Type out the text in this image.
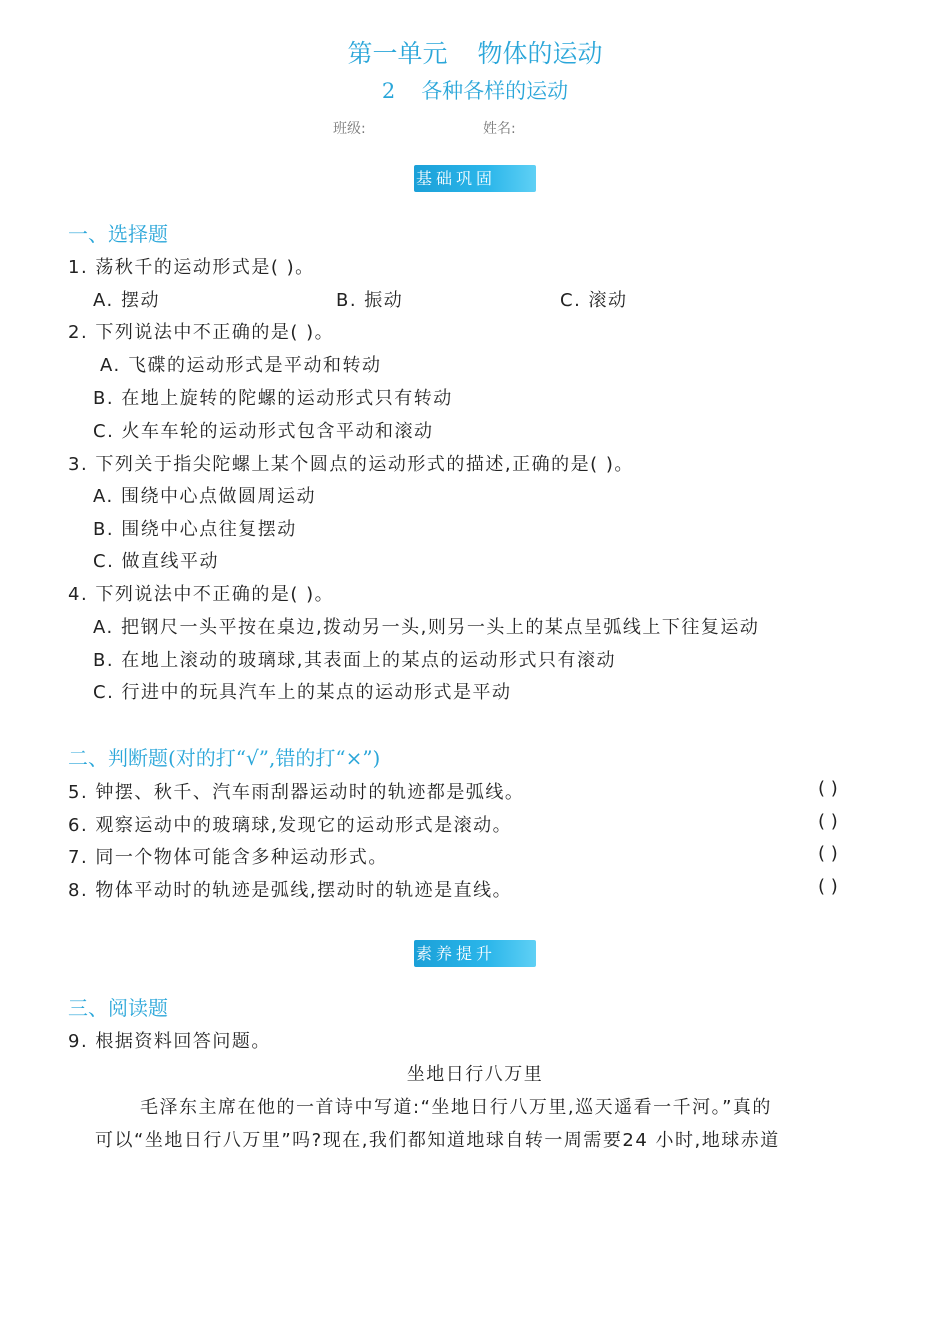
第一单元 物体的运动
2 各种各样的运动
班级:	姓名:
基础巩固
一、选择题
1. 荡秋千的运动形式是( )。
A. 摆动	B. 振动	C. 滚动
2. 下列说法中不正确的是( )。
A. 飞碟的运动形式是平动和转动
B. 在地上旋转的陀螺的运动形式只有转动
C. 火车车轮的运动形式包含平动和滚动
3. 下列关于指尖陀螺上某个圆点的运动形式的描述,正确的是( )。
A. 围绕中心点做圆周运动
B. 围绕中心点往复摆动
C. 做直线平动
4. 下列说法中不正确的是( )。
A. 把钢尺一头平按在桌边,拨动另一头,则另一头上的某点呈弧线上下往复运动
B. 在地上滚动的玻璃球,其表面上的某点的运动形式只有滚动
C. 行进中的玩具汽车上的某点的运动形式是平动
二、判断题(对的打“√”,错的打“×”)
5. 钟摆、秋千、汽车雨刮器运动时的轨迹都是弧线。	( )
6. 观察运动中的玻璃球,发现它的运动形式是滚动。	( )
7. 同一个物体可能含多种运动形式。	( )
8. 物体平动时的轨迹是弧线,摆动时的轨迹是直线。	( )
素养提升
三、阅读题
9. 根据资料回答问题。
坐地日行八万里
毛泽东主席在他的一首诗中写道:“坐地日行八万里,巡天遥看一千河。”真的
可以“坐地日行八万里”吗?现在,我们都知道地球自转一周需要24 小时,地球赤道
